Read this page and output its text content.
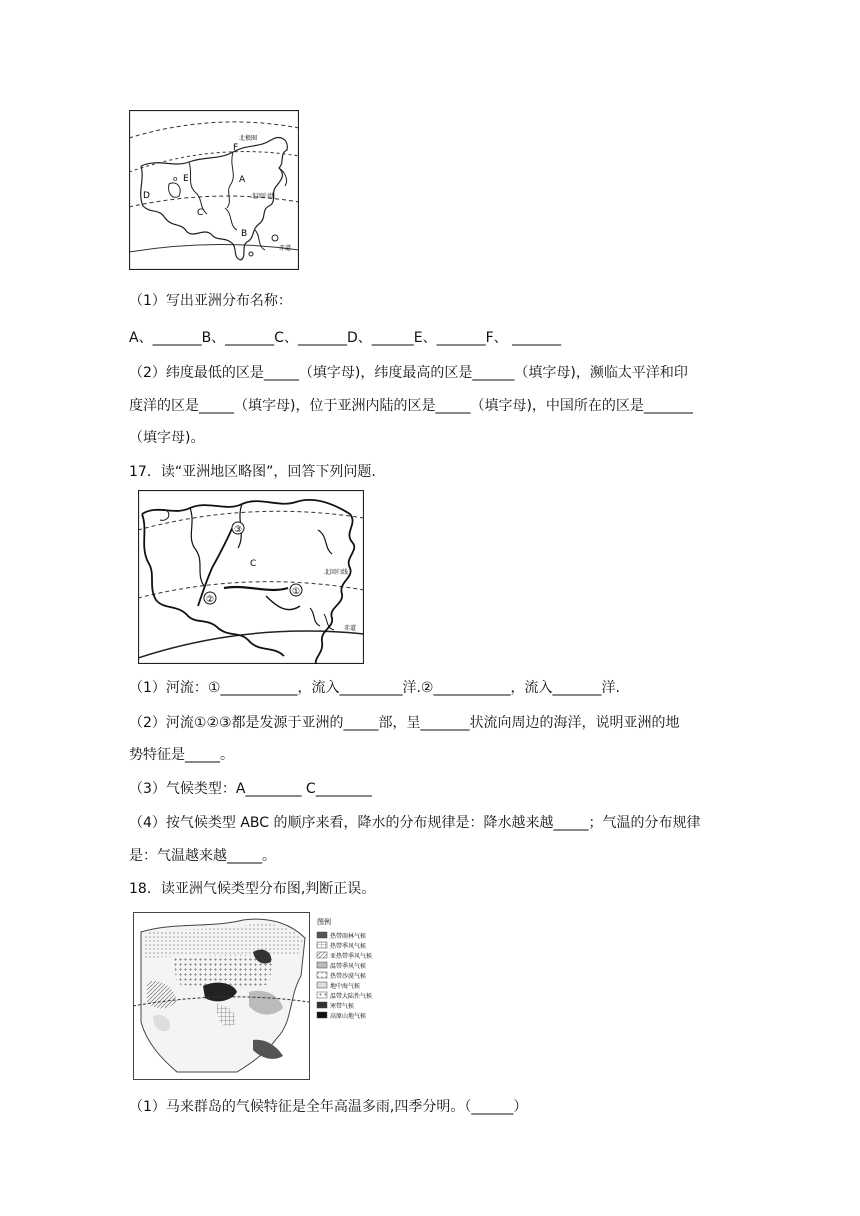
F
E
o
D
A
C
B
北极圈
北回归线
赤道
（1）写出亚洲分布名称：
A、_______B、_______C、_______D、______E、_______F、 _______
（2）纬度最低的区是_____（填字母)，纬度最高的区是______（填字母)，濒临太平洋和印
度洋的区是_____（填字母)，位于亚洲内陆的区是_____（填字母)，中国所在的区是_______
（填字母)。
17．读“亚洲地区略图”，回答下列问题.
③
②
①
C
北回归线
赤道
（1）河流：①___________，流入_________洋.②___________，流入_______洋.
（2）河流①②③都是发源于亚洲的_____部，呈_______状流向周边的海洋，说明亚洲的地
势特征是_____。
（3）气候类型：A________ C________
（4）按气候类型 ABC 的顺序来看，降水的分布规律是：降水越来越_____；气温的分布规律
是：气温越来越_____。
18．读亚洲气候类型分布图,判断正误。
图例
热带雨林气候
热带季风气候
亚热带季风气候
温带季风气候
热带沙漠气候
地中海气候
温带大陆性气候
寒带气候
高原山地气候
（1）马来群岛的气候特征是全年高温多雨,四季分明。（______）
